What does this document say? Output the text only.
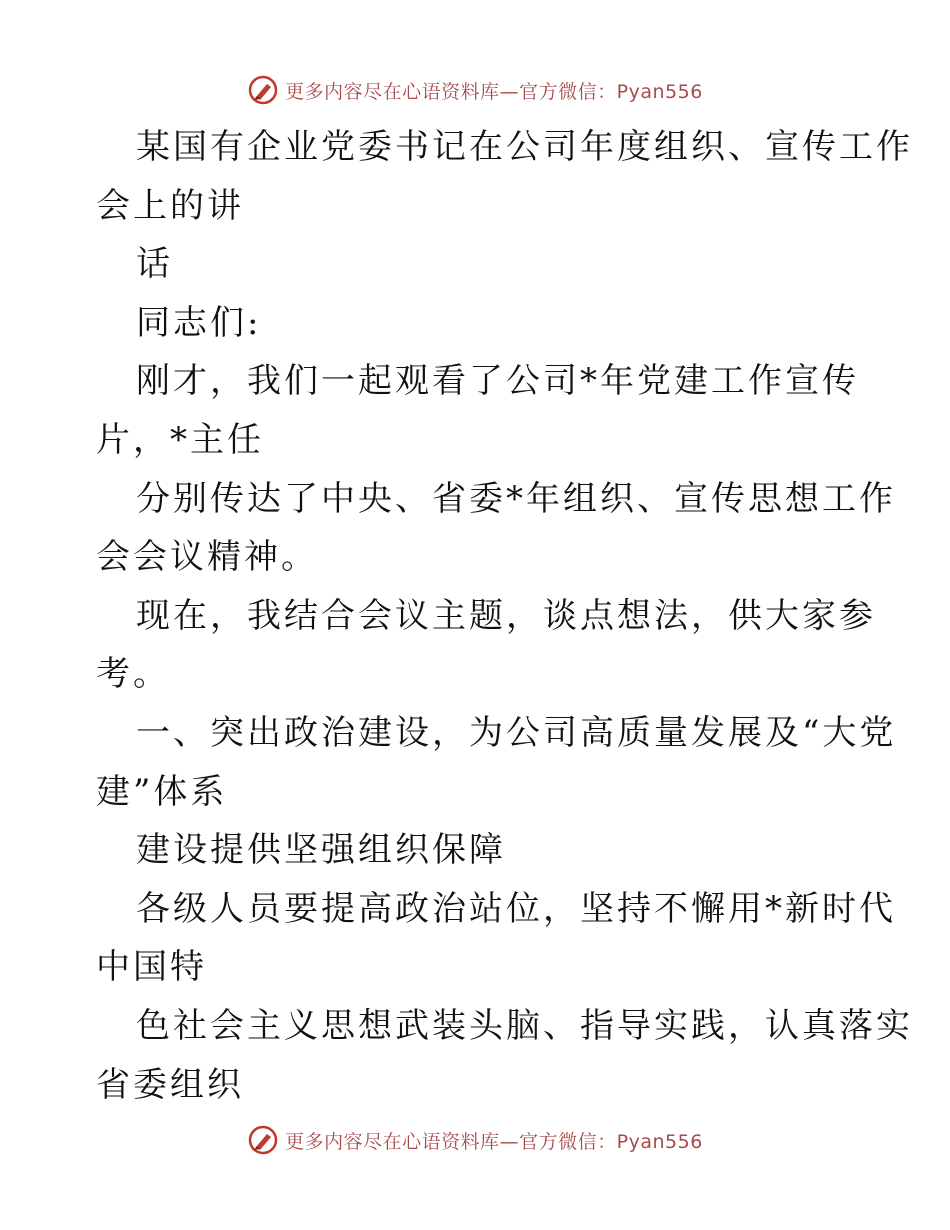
更多内容尽在心语资料库—官方微信：Pyan556
某国有企业党委书记在公司年度组织、宣传工作
会上的讲
话
同志们:
刚才，我们一起观看了公司*年党建工作宣传
片，*主任
分别传达了中央、省委*年组织、宣传思想工作
会会议精神。
现在，我结合会议主题，谈点想法，供大家参
考。
一、突出政治建设，为公司高质量发展及“大党
建”体系
建设提供坚强组织保障
各级人员要提高政治站位，坚持不懈用*新时代
中国特
色社会主义思想武装头脑、指导实践，认真落实
省委组织
更多内容尽在心语资料库—官方微信：Pyan556
